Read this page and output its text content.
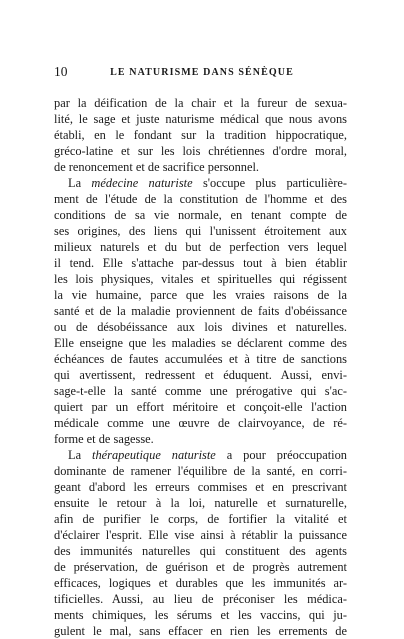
10	LE NATURISME DANS SÉNÈQUE
par la déification de la chair et la fureur de sexua-
lité, le sage et juste naturisme médical que nous avons
établi, en le fondant sur la tradition hippocratique,
gréco-latine et sur les lois chrétiennes d'ordre moral,
de renoncement et de sacrifice personnel.
La médecine naturiste s'occupe plus particulière-
ment de l'étude de la constitution de l'homme et des
conditions de sa vie normale, en tenant compte de
ses origines, des liens qui l'unissent étroitement aux
milieux naturels et du but de perfection vers lequel
il tend. Elle s'attache par-dessus tout à bien établir
les lois physiques, vitales et spirituelles qui régissent
la vie humaine, parce que les vraies raisons de la
santé et de la maladie proviennent de faits d'obéissance
ou de désobéissance aux lois divines et naturelles.
Elle enseigne que les maladies se déclarent comme des
échéances de fautes accumulées et à titre de sanctions
qui avertissent, redressent et éduquent. Aussi, envi-
sage-t-elle la santé comme une prérogative qui s'ac-
quiert par un effort méritoire et conçoit-elle l'action
médicale comme une œuvre de clairvoyance, de ré-
forme et de sagesse.
La thérapeutique naturiste a pour préoccupation
dominante de ramener l'équilibre de la santé, en corri-
geant d'abord les erreurs commises et en prescrivant
ensuite le retour à la loi, naturelle et surnaturelle,
afin de purifier le corps, de fortifier la vitalité et
d'éclairer l'esprit. Elle vise ainsi à rétablir la puissance
des immunités naturelles qui constituent des agents
de préservation, de guérison et de progrès autrement
efficaces, logiques et durables que les immunités ar-
tificielles. Aussi, au lieu de préconiser les médica-
ments chimiques, les sérums et les vaccins, qui ju-
gulent le mal, sans effacer en rien les errements de
